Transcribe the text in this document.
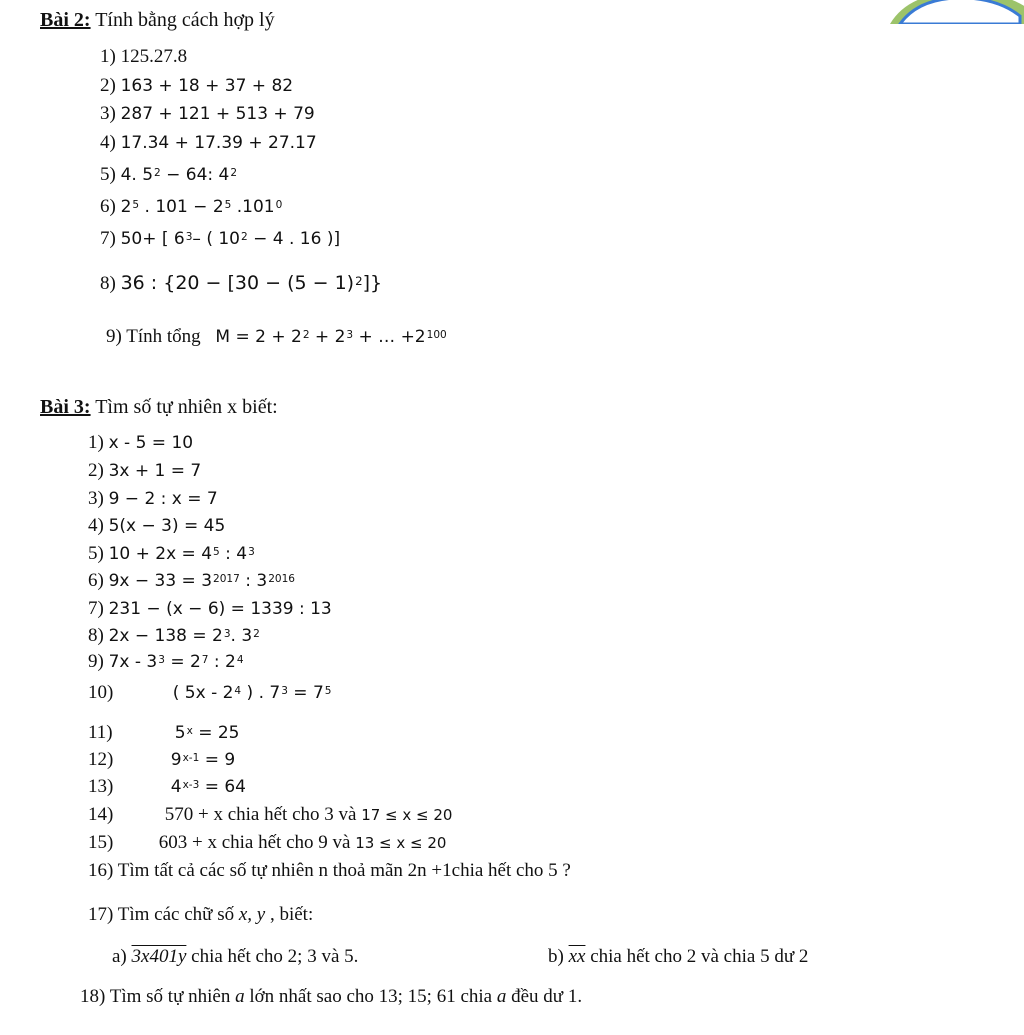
Bài 2: Tính bằng cách hợp lý
1) 125.27.8
2) 163 + 18 + 37 + 82
3) 287 + 121 + 513 + 79
4) 17.34 + 17.39 + 27.17
5) 4. $5^2 - 64$: $4^2$
6) $2^5$ . $101 - 2^5$ .101$^0$
7) 50+ [ $6^3-$ ( $10^2 - 4$ . 16 )]
8) 36 : $\{20 - [30 - (5 - 1)^2]\}$
9) Tính tổng $M = 2 + 2^2 + 2^3$ + … $+2^{100}$
Bài 3: Tìm số tự nhiên x biết:
1) x - 5 = 10
2) 3x + 1 = 7
3) 9 − 2 : x = 7
4) 5(x − 3) = 45
5) $10 + 2x = 4^5$ : $4^3$
6) $9x - 33 = 3^{2017}$ : $3^{2016}$
7) 231 − (x − 6) = 1339 : 13
8) $2x - 138 = 2^3$. $3^2$
9) $7x - 3^3 = 2^7$ : $2^4$
10)	( $5x - 2^4$ ) . $7^3 = 7^5$
11)	$5^x = 25$
12)	$9^{x-1} = 9$
13)	$4^{x-3} = 64$
14)	570 + x chia hết cho 3 và 17 ≤ x ≤ 20
15) 603 + x chia hết cho 9 và 13 ≤ x ≤ 20
16) Tìm tất cả các số tự nhiên n thoả mãn 2n +1chia hết cho 5 ?
17) Tìm các chữ số x, y , biết:
a) 3x401y chia hết cho 2; 3 và 5.	b) $\overline{xx}$ chia hết cho 2 và chia 5 dư 2
18) Tìm số tự nhiên a lớn nhất sao cho 13; 15; 61 chia a đều dư 1.
